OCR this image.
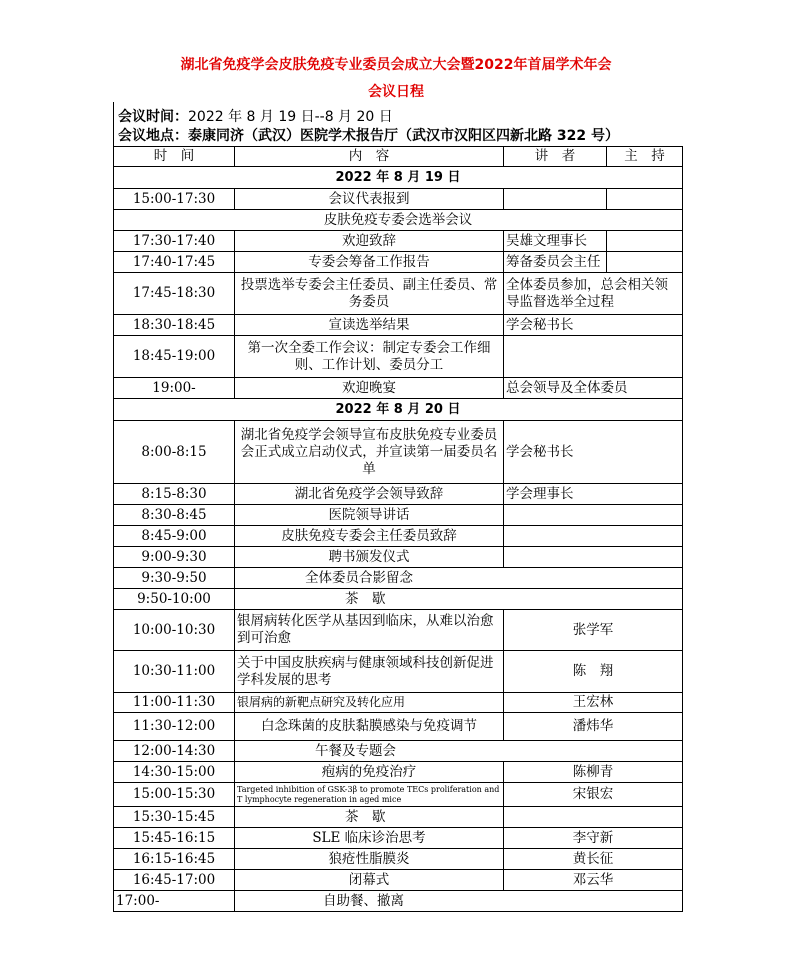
湖北省免疫学会皮肤免疫专业委员会成立大会暨2022年首届学术年会
会议日程
会议时间：2022 年 8 月 19 日--8 月 20 日
会议地点：泰康同济（武汉）医院学术报告厅（武汉市汉阳区四新北路 322 号）
时　间	内　容	讲　者	主　持
2022 年 8 月 19 日			
15:00-17:30	会议代表报到		
皮肤免疫专委会选举会议			
17:30-17:40	欢迎致辞	吴雄文理事长	
17:40-17:45	专委会筹备工作报告	筹备委员会主任	
17:45-18:30	投票选举专委会主任委员、副主任委员、常务委员	全体委员参加，总会相关领导监督选举全过程	
18:30-18:45	宣读选举结果	学会秘书长	
18:45-19:00	第一次全委工作会议：制定专委会工作细则、工作计划、委员分工		
19:00-	欢迎晚宴	总会领导及全体委员	
2022 年 8 月 20 日			
8:00-8:15	湖北省免疫学会领导宣布皮肤免疫专业委员会正式成立启动仪式，并宣读第一届委员名单	学会秘书长	
8:15-8:30	湖北省免疫学会领导致辞	学会理事长	
8:30-8:45	医院领导讲话		
8:45-9:00	皮肤免疫专委会主任委员致辞		
9:00-9:30	聘书颁发仪式		
9:30-9:50	全体委员合影留念		
9:50-10:00	茶　歇		
10:00-10:30	银屑病转化医学从基因到临床，从难以治愈到可治愈	张学军	
10:30-11:00	关于中国皮肤疾病与健康领域科技创新促进学科发展的思考	陈　翔	
11:00-11:30	银屑病的新靶点研究及转化应用	王宏林	
11:30-12:00	白念珠菌的皮肤黏膜感染与免疫调节	潘炜华	
12:00-14:30	午餐及专题会		
14:30-15:00	疱病的免疫治疗	陈柳青	
15:00-15:30	Targeted inhibition of GSK-3β to promote TECs proliferation and T lymphocyte regeneration in aged mice	宋银宏	
15:30-15:45	茶　歇		
15:45-16:15	SLE 临床诊治思考	李守新	
16:15-16:45	狼疮性脂膜炎	黄长征	
16:45-17:00	闭幕式	邓云华	
17:00-	自助餐、撤离		
